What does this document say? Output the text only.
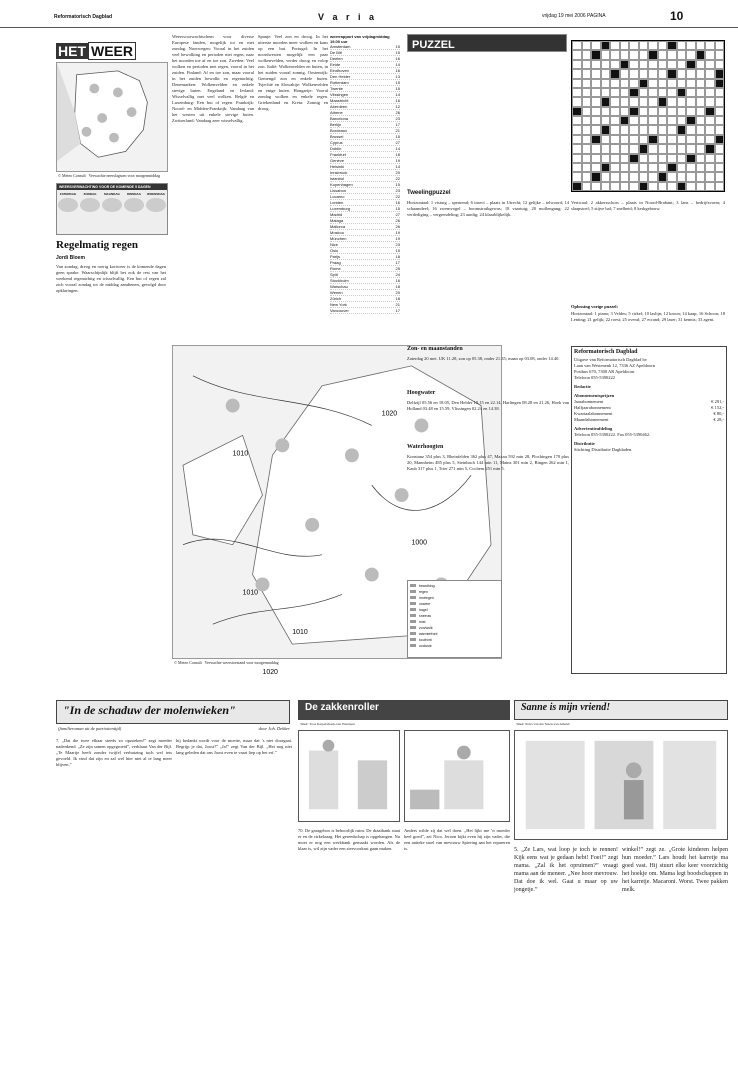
Reformatorisch Dagblad	V a r i a	vrijdag 19 mei 2006 PAGINA	10
HET WEER
© Meteo Consult Verwachte neerslagsom voor morgenmiddag
WEERSVERWACHTING VOOR DE KOMENDE 5 DAGEN
ZATERDAG	ZONDAG	MAANDAG	DINSDAG	WOENSDAG
Regelmatig regen
Jordi Bloem
Van zondag, dreog en roerig kortweer is de komende dagen geen sprake. Waarschijnlijk blijft het ook de rest van het weekend regenachtig en wisselvallig. Een bui of regen zal zich vooral zondag tot de middag aandienen, gevolgd door opklaringen.
Weersvoorwachtschem voor diverse Europese landen, mogelijk tot en met zondag. Noorwegen: Vooral in het zuiden veel bewolking en perioden met regen, naar het noorden toe af en toe zon. Zweden: Veel wolken en perioden met regen, vooral in het zuiden. Finland: Af en toe zon, maar vooral in het zuiden bewolkt en regenachtig. Denemarken: Wolkenvelden en enkele stevige buien. Engeland en Ierland: Wisselvallig met veel wolken. België en Luxemburg: Een bui of regen. Frankrijk: Noord- en Midden-Frankrijk: Vandaag van het westen uit enkele stevige buien. Zwitserland: Vandaag zeer wisselvallig.
Spanje: Veel zon en droog. In het uiterste noorden meer wolken en kans op een bui. Portugal: In het noordwesten mogelijk een paar wolkenvelden, verder droog en volop zon. Italië: Wolkenvelden en buien, in het zuiden vooral zonnig. Oostenrijk: Gemengd zon en enkele buien. Tsjechië en Slowakije: Wolkenvelden en enige buien. Hongarije: Vooral zondag wolken en enkele regen. Griekenland en Kreta: Zonnig en droog.
weerrapport van vrijdagmiddag 19.00 uur
Amsterdam	15
De Bilt	15
Deelen	16
Eelde	14
Eindhoven	16
Den Helder	13
Rotterdam	15
Twente	15
Vlissingen	14
Maastricht	16
Aberdeen	12
Athene	26
Barcelona	23
Berlijn	17
Bordeaux	21
Brussel	15
Cyprus	27
Dublin	14
Frankfurt	18
Genève	19
Helsinki	14
Innsbruck	20
Istanbul	22
Kopenhagen	15
Lissabon	23
Locarno	22
Londen	16
Luxemburg	15
Madrid	27
Malaga	26
Mallorca	26
Moskou	19
München	19
Nice	23
Oslo	15
Parijs	18
Praag	17
Rome	25
Split	24
Stockholm	16
Warschau	18
Wenen	20
Zürich	18
New York	21
Vancouver	17
1010
1020
1010
1000
1010
1020
© Meteo Consult Verwachte weerstoestand voor morgenmiddag
bewolking
regen
motregen
onweer
hagel
sneeuw
mist
zon/wolk
warmtefront
koufront
occlusie
PUZZEL
Tweelingpuzzel
Horizontaal: 1 vistuig – speurend; 6 insect – plaats in Utrecht; 12 gelijke – telwoord; 14 schaamdeel; 16 zwemvogel – boomstruikgewas; 18 vaartuig; 20 mollengang; 22 verdediging – vergrendeling; 23 aardig; 24 klaarblijkelijk.
Verticaal: 2 akkersschors – plaats in Noord-Brabant; 3 lans – bedrijfsvorm; 4 slaapstoel; 5 stijve bal; 7 snelheid; 8 kerkgebouw.
Oplossing vorige puzzel:
Horizontaal: 1 piano; 3 Veldes; 5 cirkel; 10 laslijn; 12 kroon; 14 kaap; 16 Schoon; 18 Lenting; 21 gelijk; 22 roest; 25 overal; 27 ecrand; 29 laser; 31 kennis; 33 agent.
Zon- en maanstanden
Zaterdag 20 mei. UK 11.28, zon op 05.38, onder 21.35; maan op 03.08, onder 14.40.
Hoogwater
Delfzijl 05.56 en 18.05, Den Helder 10.15 en 22.14, Harlingen 08.28 en 21.26, Hoek van Holland 03.48 en 15.59, Vlissingen 02.24 en 14.38.
Waterhoogten
Konstanz 354 plus 3, Rheinfelden 362 plus 47, Maxau 592 min 28, Plochingen 170 plus 20, Mannheim 485 plus 5, Steinbach 144 min 11, Mainz 301 min 2, Bingen 262 min 1, Kaub 317 plus 1, Trier 271 min 5, Cochem 251 min 5.
Reformatorisch Dagblad
Uitgave van Reformatorisch Dagblad bv
Laan van Westenenk 12, 7336 AZ Apeldoorn
Postbus 670, 7300 AR Apeldoorn
Telefoon 055-5390222
Redactie
Abonnementsprijzen
Jaarabonnement	€ 291,-
Halfjaarabonnement	€ 152,-
Kwartaalabonnement	€ 80,-
Maandabonnement	€ 28,-
Advertentieafdeling
Telefoon 055-5390222. Fax 055-5390462.
Distributie
Stichting Distributie Dagbladen.
"In de schaduw der molenwieken"
(familieroman uit de patriottentijd)	door Joh. Dekker
7. „Dat die twee elkaar steeds zo opzoeken!” zegt moeder nadenkend. „Ze zijn samen opgegroeid”, verklaart Van der Bijl. „Te Maartje heeft zonder twijfel verhuizing toch wel iets gevoeld. Ik vind dat zijn en zal wel hier niet al te lang meer blijven.”
hij bedankt wordt voor de moeite, maar dat ’s niet doorgaat. Begrijp je dat, Joost?” „Ja!” zegt Van der Bijl. „Het nog niet lang geleden dat ons Joost even te vaart liep op het erf.”
De zakkenroller
Tekst: Toos Karpershoek-van Westreen
70. De garagebox is behoorlijk ruim. De draaibank staat er en de cirkelzaag. Het gereedschap is opgehangen. Nu moet er nog een werkbank gemaakt worden. Als de klaar is, wil zijn vader een siervoorkast gaan maken.
Anders wilde zij dat wel doen. „Het lijkt me ’n moeder heel goed”, zei Nico. Jeroen kijkt even hij zijn vader, die een antieke stoel van mevrouw Spiering aan het repareren is.
Sanne is mijn vriend!
Tekst: Petra van der Steen-van Amstel
5. „Ze Lars, wat loop je toch te rennen! Kijk eens wat je gedaan hebt! Foei!” zegt mama. „Zal ik het opruimen?” vraagt mama aan de meneer. „Nee hoor mevrouw. Dat doe ik wel. Gaat u maar op uw jongetje.”
winkel!” zegt ze. „Grote kinderen helpen hun moeder.” Lars houdt het karretje ma goed vast. Hij stuurt elke keer voorzichtig het hoekje om. Mama legt boodschappen in het karretje. Macaroni. Worst. Twee pakken melk.
